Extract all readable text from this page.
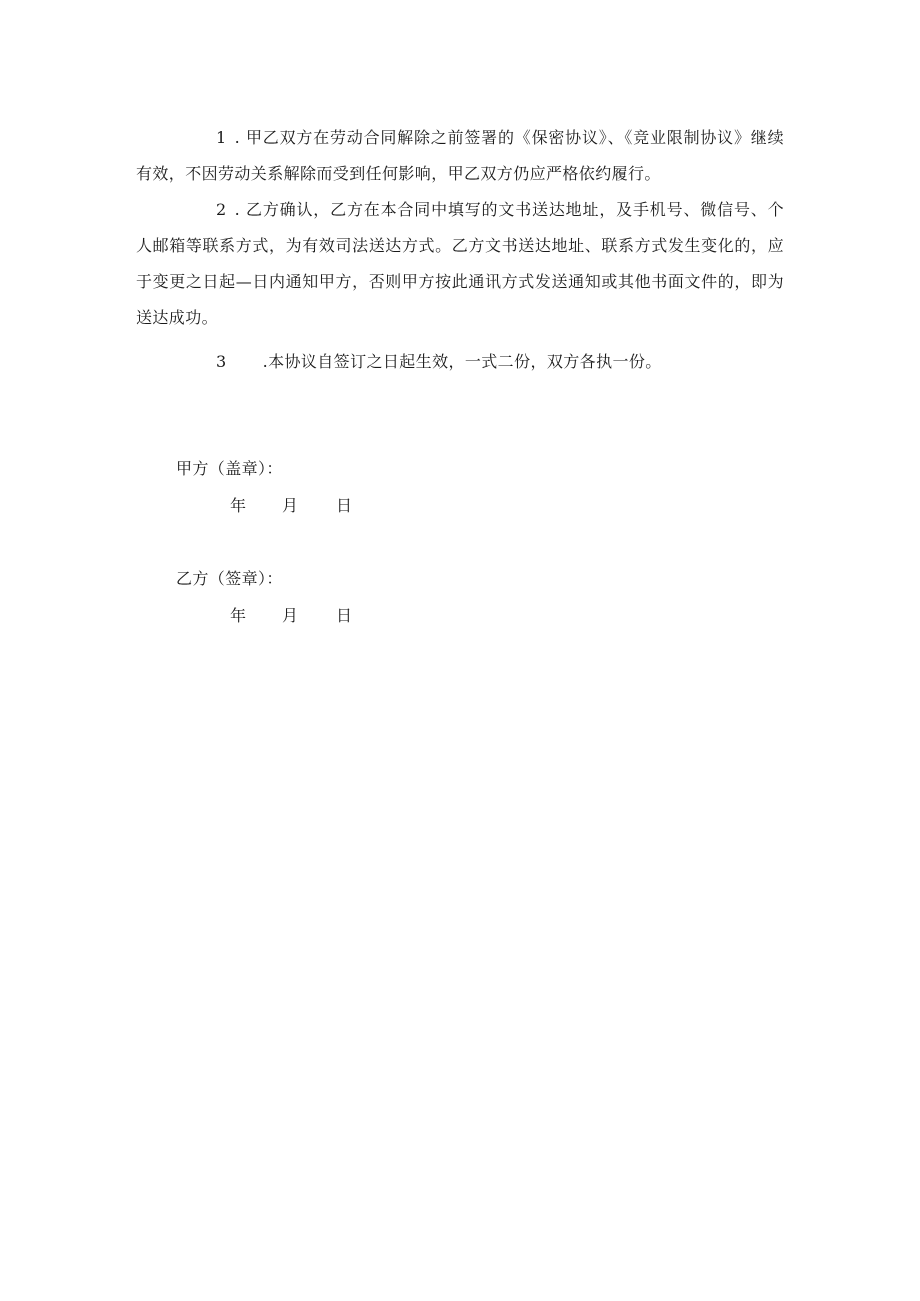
1 . 甲乙双方在劳动合同解除之前签署的《保密协议》、《竞业限制协议》继续有效，不因劳动关系解除而受到任何影响，甲乙双方仍应严格依约履行。

2 . 乙方确认，乙方在本合同中填写的文书送达地址，及手机号、微信号、个人邮箱等联系方式，为有效司法送达方式。乙方文书送达地址、联系方式发生变化的，应于变更之日起—日内通知甲方，否则甲方按此通讯方式发送通知或其他书面文件的，即为送达成功。

3 .本协议自签订之日起生效，一式二份，双方各执一份。

甲方（盖章）：
年 月 日
乙方（签章）：
年 月 日
